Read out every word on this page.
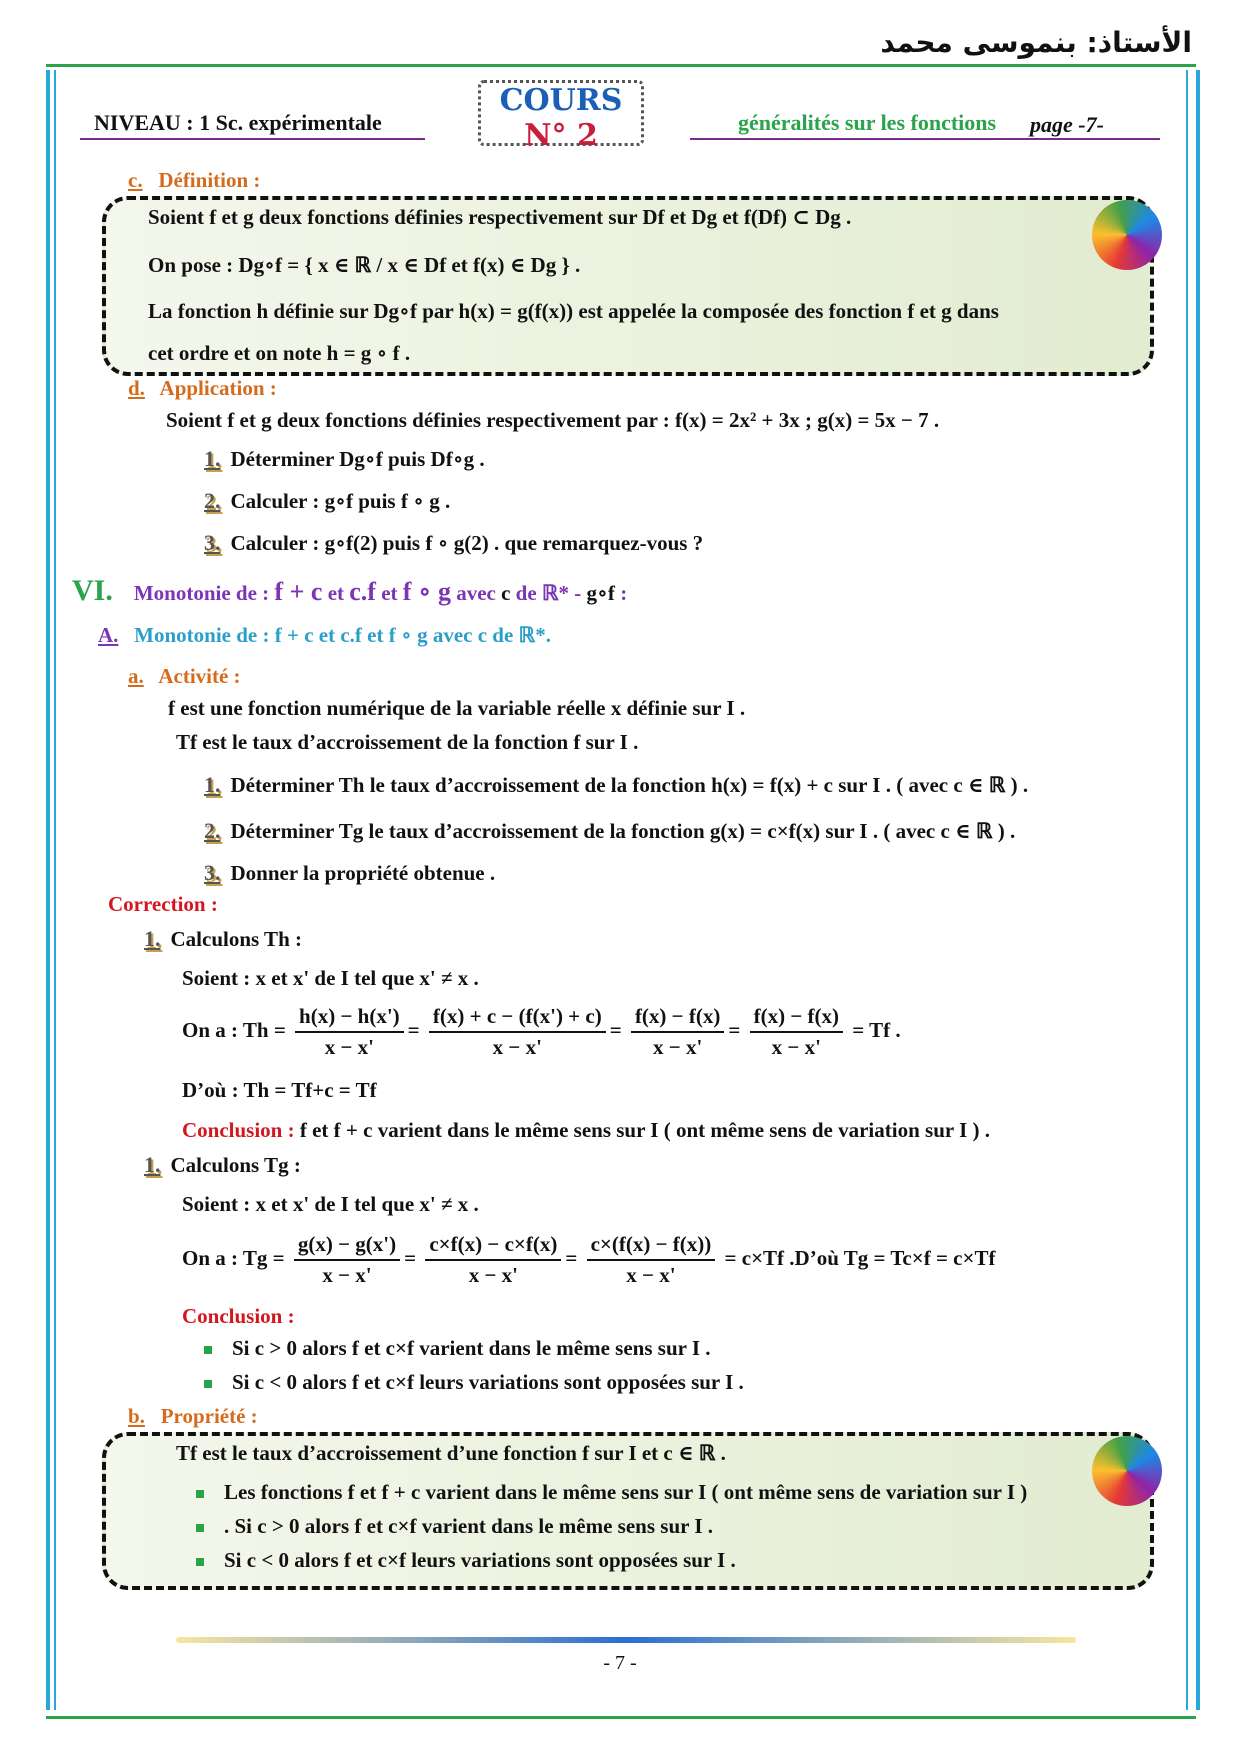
الأستاذ: بنموسى محمد
NIVEAU : 1 Sc. expérimentale
COURS N° 2	généralités sur les fonctions page -7-
c. Définition :
Soient f et g deux fonctions définies respectivement sur Df et Dg et f(Df) ⊂ Dg .
On pose : Dg∘f = { x ∈ ℝ / x ∈ Df et f(x) ∈ Dg } .
La fonction h définie sur Dg∘f par h(x) = g(f(x)) est appelée la composée des fonction f et g dans
cet ordre et on note h = g ∘ f .
d. Application :
Soient f et g deux fonctions définies respectivement par : f(x) = 2x² + 3x ; g(x) = 5x − 7 .
1. Déterminer Dg∘f puis Df∘g .
2. Calculer : g∘f puis f ∘ g .
3. Calculer : g∘f(2) puis f ∘ g(2) . que remarquez-vous ?
VI. Monotonie de : f + c et c.f et f ∘ g avec c de ℝ* - g∘f :
A. Monotonie de : f + c et c.f et f ∘ g avec c de ℝ*.
a. Activité :
f est une fonction numérique de la variable réelle x définie sur I .
Tf est le taux d’accroissement de la fonction f sur I .
1. Déterminer Th le taux d’accroissement de la fonction h(x) = f(x) + c sur I . ( avec c ∈ ℝ ) .
2. Déterminer Tg le taux d’accroissement de la fonction g(x) = c×f(x) sur I . ( avec c ∈ ℝ ) .
3. Donner la propriété obtenue .
Correction :
1. Calculons Th :
Soient : x et x' de I tel que x' ≠ x .
On a : $Th = \frac{h(x) - h(x')}{x - x'} = \frac{f(x) + c - (f(x') + c)}{x - x'} = \frac{f(x) - f(x)}{x - x'} = \frac{f(x) - f(x)}{x - x'} = Tf$ .
D’où : Th = Tf+c = Tf
Conclusion : f et f + c varient dans le même sens sur I ( ont même sens de variation sur I ) .
1. Calculons Tg :
Soient : x et x' de I tel que x' ≠ x .
On a : $Tg = \frac{g(x) - g(x')}{x - x'} = \frac{c\times f(x) - c\times f(x)}{x - x'} = \frac{c\times(f(x) - f(x))}{x - x'} = c\times Tf$ .D’où Tg = Tc×f = c×Tf
Conclusion :
Si c > 0 alors f et c×f varient dans le même sens sur I .
Si c < 0 alors f et c×f leurs variations sont opposées sur I .
b. Propriété :
Tf est le taux d’accroissement d’une fonction f sur I et c ∈ ℝ .
Les fonctions f et f + c varient dans le même sens sur I ( ont même sens de variation sur I )
. Si c > 0 alors f et c×f varient dans le même sens sur I .
Si c < 0 alors f et c×f leurs variations sont opposées sur I .
- 7 -
